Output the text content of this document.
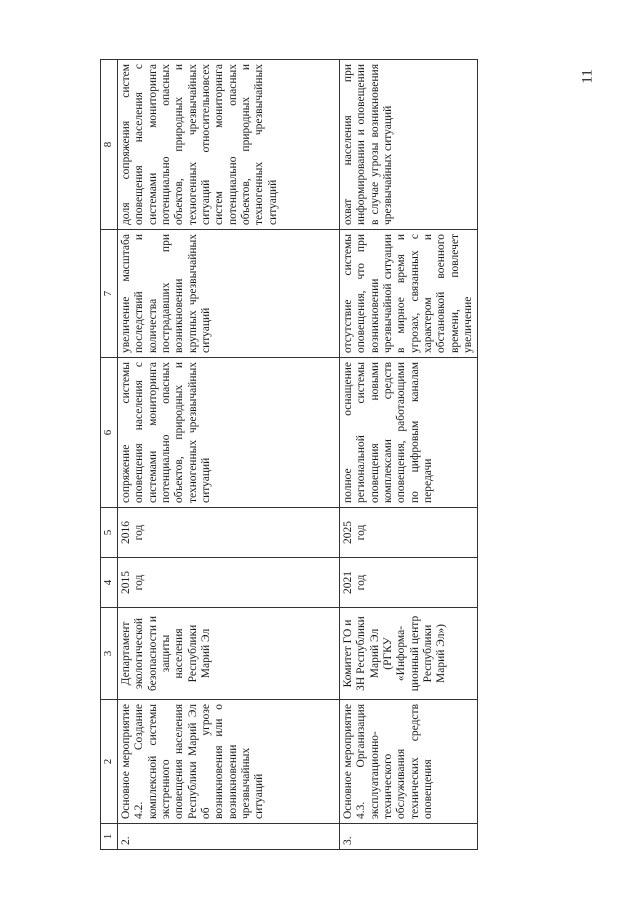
11
1	2	3	4	5	6	7	8
2.	Основное мероприятие 4.2. Создание комплексной системы экстренного оповещения населения Республики Марий Эл об угрозе возникновения или о возникновении чрезвычайных ситуаций	Департамент экологической безопасности и защиты населения Республики Марий Эл	2015 год	2016 год	сопряжение системы оповещения населения с системами мониторинга потенциально опасных объектов, природных и техногенных чрезвычайных ситуаций	увеличение масштаба последствий и количества пострадавших при возникновении крупных чрезвычайных ситуаций	доля сопряжения систем оповещения населения с системами мониторинга потенциально опасных объектов, природных и техногенных чрезвычайных ситуаций относительновсех систем мониторинга потенциально опасных объектов, природных и техногенных чрезвычайных ситуаций
3.	Основное мероприятие 4.3. Организация эксплуатационно-технического обслуживания технических средств оповещения	Комитет ГО и ЗН Республики Марий Эл (РГКУ «Информа-ционный центр Республики Марий Эл»)	2021 год	2025 год	полное оснащение региональной системы оповещения новыми комплексами средств оповещения, работающими по цифровым каналам передачи	отсутствие системы оповещения, что при возникновении чрезвычайной ситуации в мирное время и угрозах, связанных с характером и обстановкой военного времени, повлечет увеличение	охват населения при информировании и оповещении в случае угрозы возникновения чрезвычайных ситуаций
